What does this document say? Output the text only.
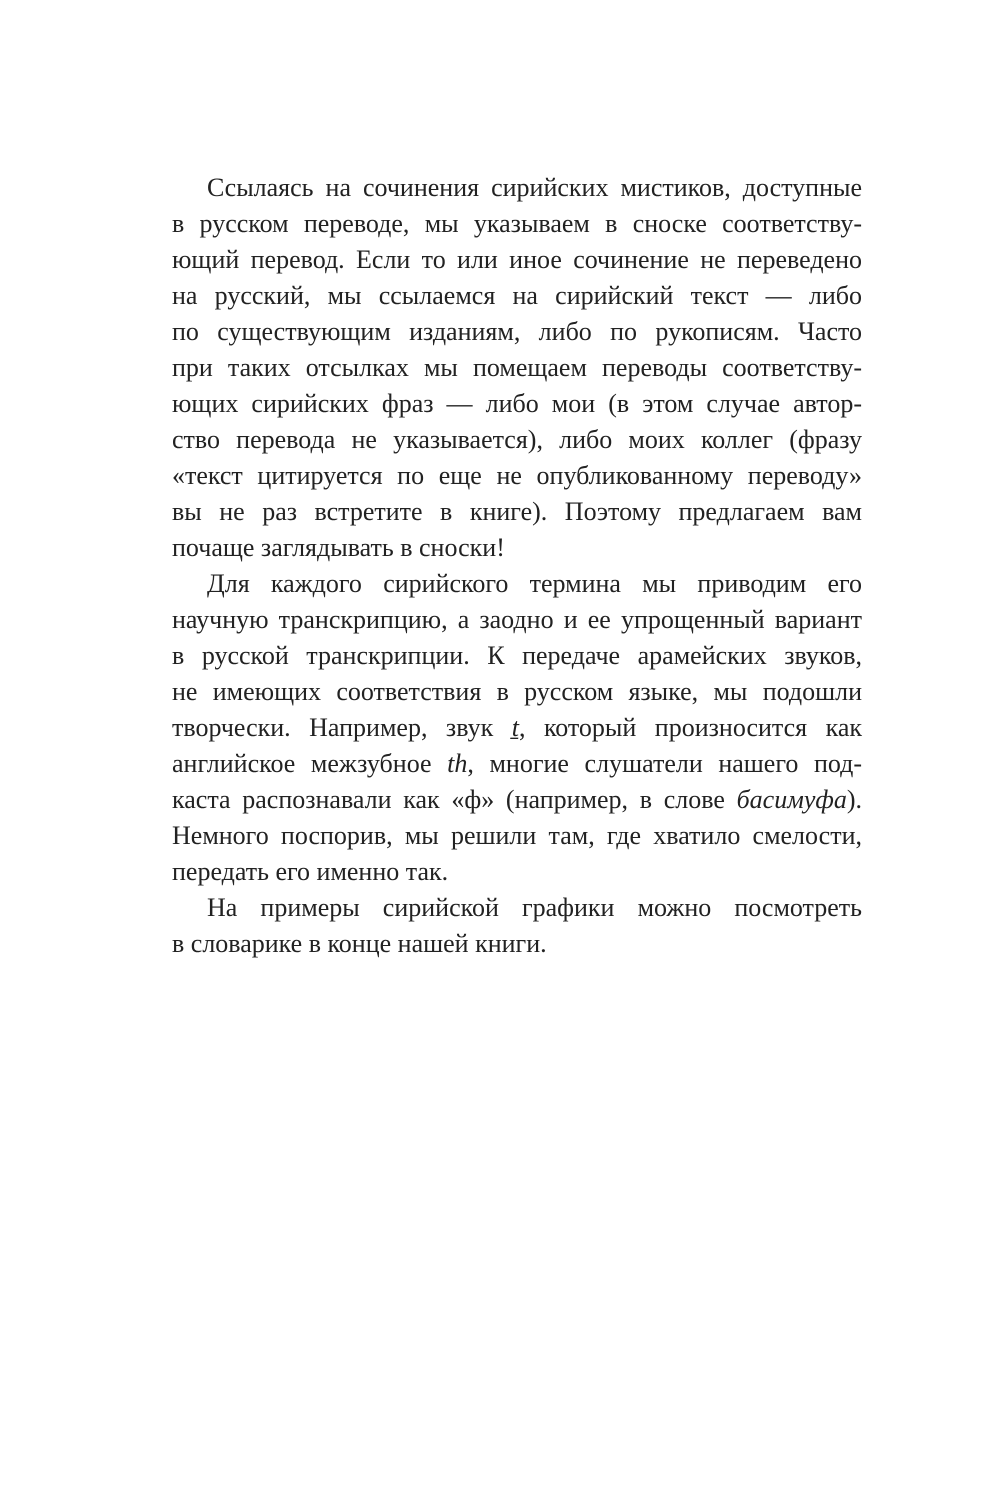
Ссылаясь на сочинения сирийских мистиков, доступные
в русском переводе, мы указываем в сноске соответству-
ющий перевод. Если то или иное сочинение не переведено
на русский, мы ссылаемся на сирийский текст — либо
по существующим изданиям, либо по рукописям. Часто
при таких отсылках мы помещаем переводы соответству-
ющих сирийских фраз — либо мои (в этом случае автор-
ство перевода не указывается), либо моих коллег (фразу
«текст цитируется по еще не опубликованному переводу»
вы не раз встретите в книге). Поэтому предлагаем вам
почаще заглядывать в сноски!
Для каждого сирийского термина мы приводим его
научную транскрипцию, а заодно и ее упрощенный вариант
в русской транскрипции. К передаче арамейских звуков,
не имеющих соответствия в русском языке, мы подошли
творчески. Например, звук ṯ, который произносится как
английское межзубное th, многие слушатели нашего под-
каста распознавали как «ф» (например, в слове басимуфа).
Немного поспорив, мы решили там, где хватило смелости,
передать его именно так.
На примеры сирийской графики можно посмотреть
в словарике в конце нашей книги.
